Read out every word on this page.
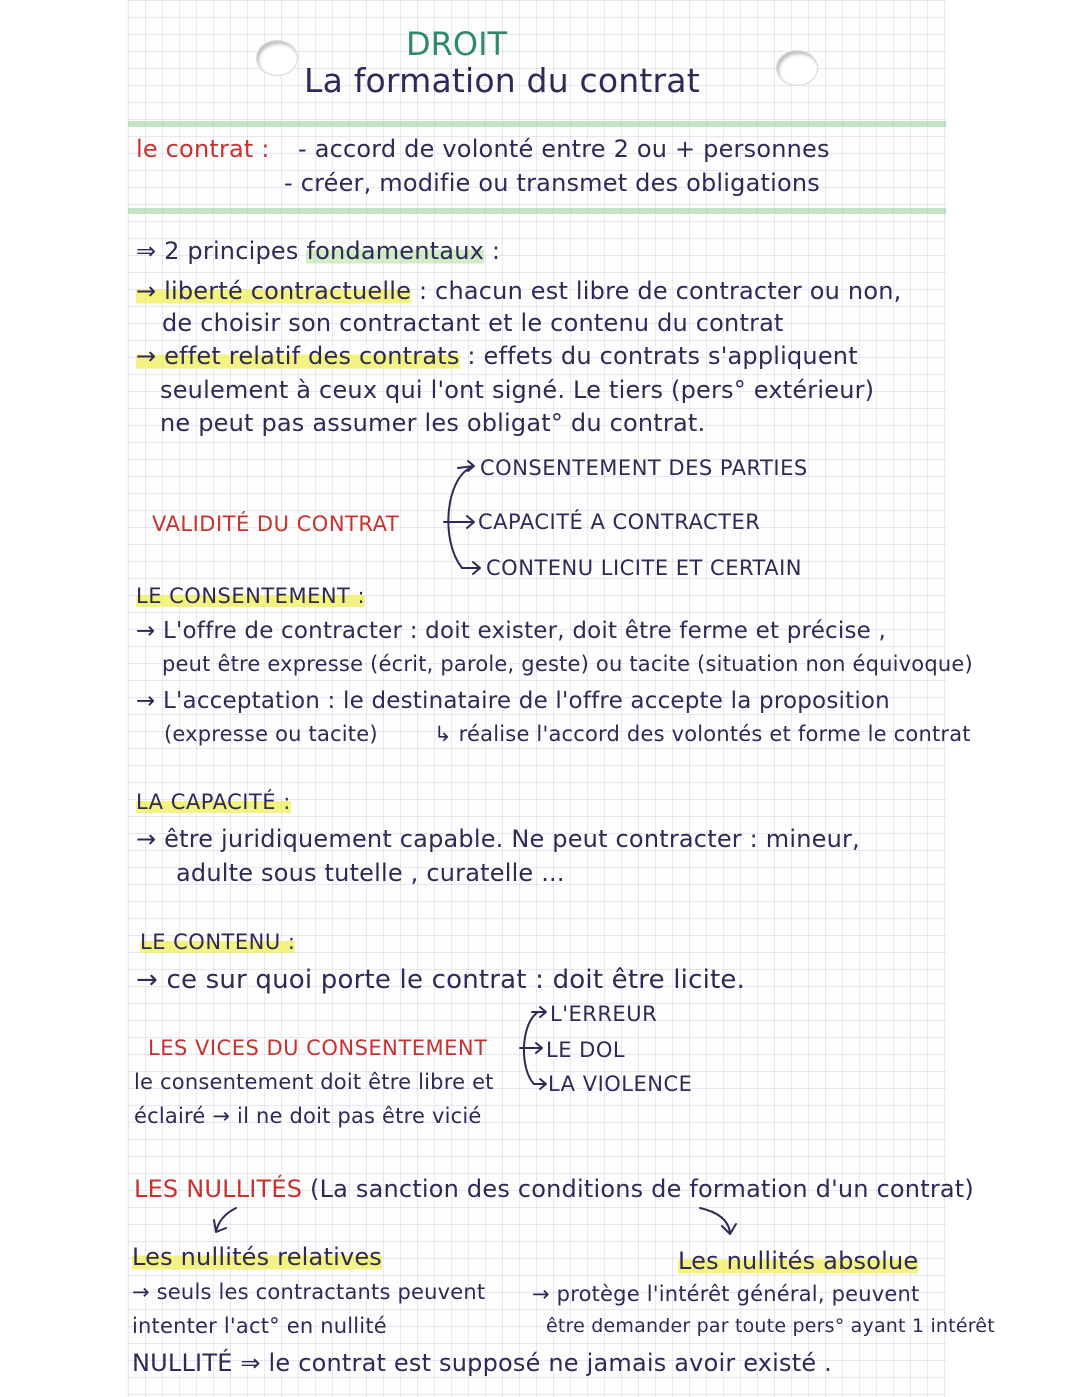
DROIT
La formation du contrat
le contrat : - accord de volonté entre 2 ou + personnes
- créer, modifie ou transmet des obligations
⇒ 2 principes fondamentaux :
→ liberté contractuelle : chacun est libre de contracter ou non,
de choisir son contractant et le contenu du contrat
→ effet relatif des contrats : effets du contrats s'appliquent
seulement à ceux qui l'ont signé. Le tiers (pers° extérieur)
ne peut pas assumer les obligat° du contrat.
VALIDITÉ DU CONTRAT
CONSENTEMENT DES PARTIES
CAPACITÉ A CONTRACTER
CONTENU LICITE ET CERTAIN
LE CONSENTEMENT :
→ L'offre de contracter : doit exister, doit être ferme et précise ,
peut être expresse (écrit, parole, geste) ou tacite (situation non équivoque)
→ L'acceptation : le destinataire de l'offre accepte la proposition
(expresse ou tacite)	↳ réalise l'accord des volontés et forme le contrat
LA CAPACITÉ :
→ être juridiquement capable. Ne peut contracter : mineur,
adulte sous tutelle , curatelle ...
LE CONTENU :
→ ce sur quoi porte le contrat : doit être licite.
LES VICES DU CONSENTEMENT
le consentement doit être libre et
éclairé → il ne doit pas être vicié
L'ERREUR
LE DOL
LA VIOLENCE
LES NULLITÉS (La sanction des conditions de formation d'un contrat)
Les nullités relatives
→ seuls les contractants peuvent
intenter l'act° en nullité
Les nullités absolue
→ protège l'intérêt général, peuvent
être demander par toute pers° ayant 1 intérêt
NULLITÉ ⇒ le contrat est supposé ne jamais avoir existé .
